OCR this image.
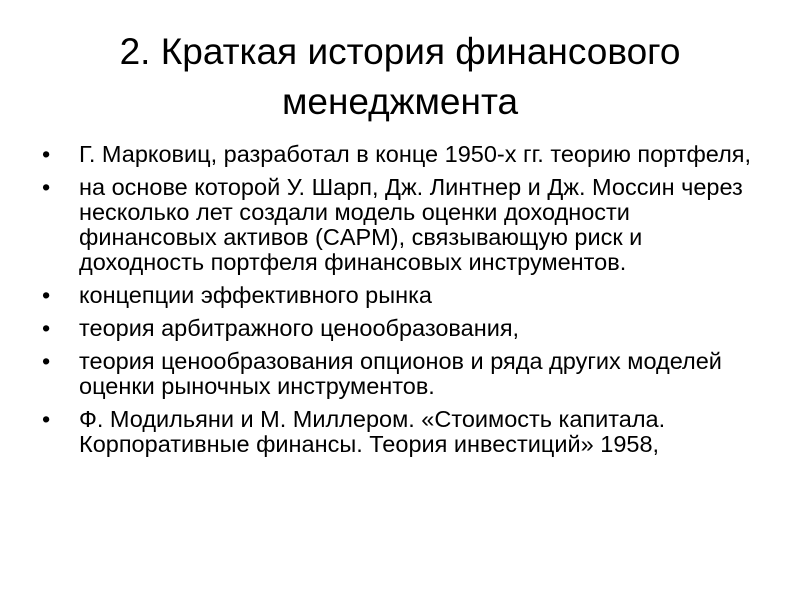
2. Краткая история финансового менеджмента
•	Г. Марковиц, разработал в конце 1950-х гг. теорию портфеля,
•	на основе которой У. Шарп, Дж. Линтнер и Дж. Моссин через несколько лет создали модель оценки доходности финансовых активов (CAPM), связывающую риск и доходность портфеля финансовых инструментов.
•	концепции эффективного рынка
•	теория арбитражного ценообразования,
•	теория ценообразования опционов и ряда других моделей оценки рыночных инструментов.
•	Ф. Модильяни и М. Миллером. «Стоимость капитала. Корпоративные финансы. Теория инвестиций» 1958,
